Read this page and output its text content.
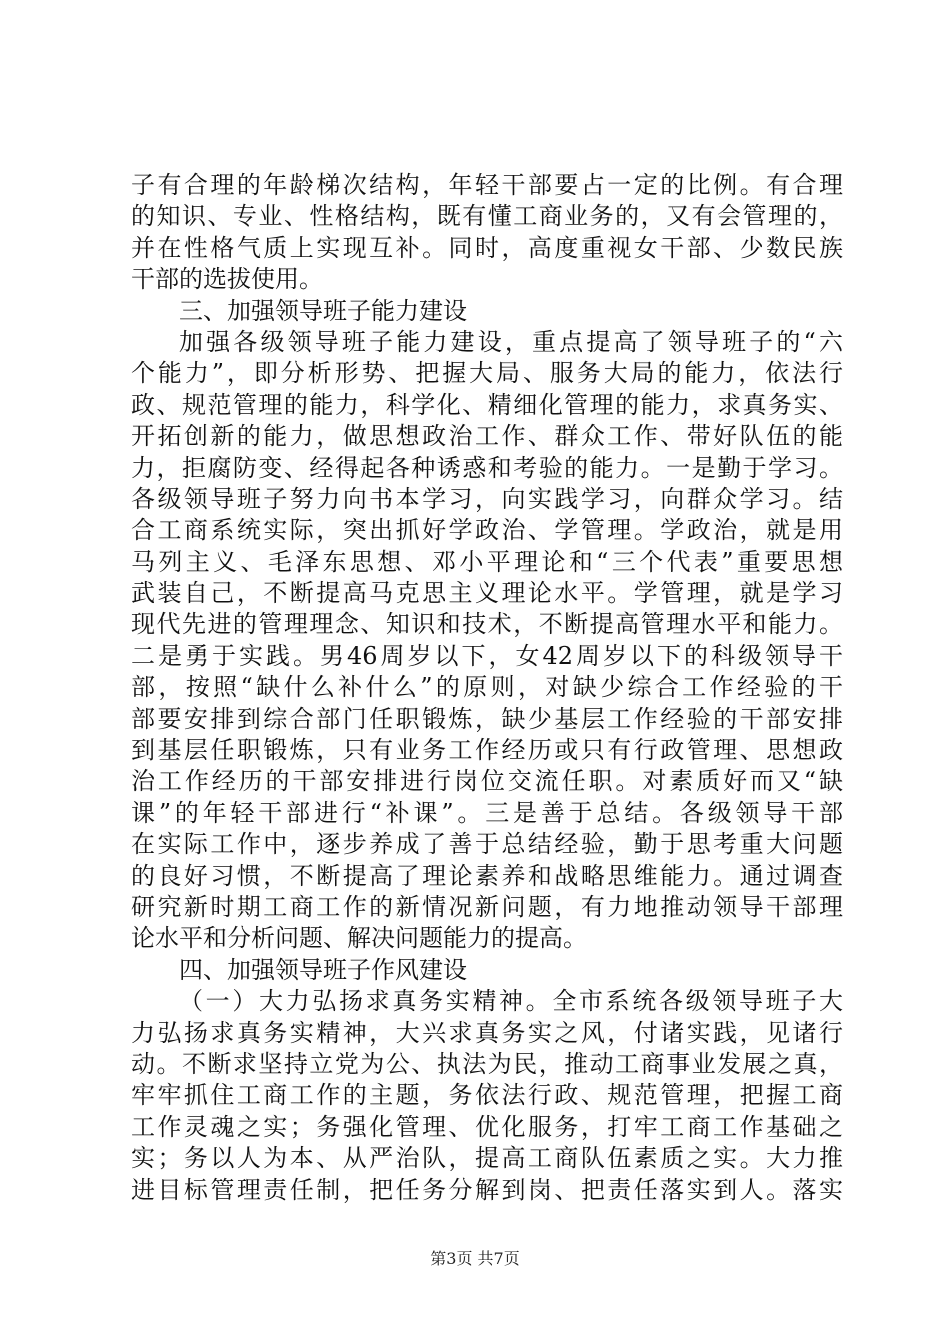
子有合理的年龄梯次结构，年轻干部要占一定的比例。有合理
的知识、专业、性格结构，既有懂工商业务的，又有会管理的，
并在性格气质上实现互补。同时，高度重视女干部、少数民族
干部的选拔使用。
三、加强领导班子能力建设
加强各级领导班子能力建设，重点提高了领导班子的“六
个能力”，即分析形势、把握大局、服务大局的能力，依法行
政、规范管理的能力，科学化、精细化管理的能力，求真务实、
开拓创新的能力，做思想政治工作、群众工作、带好队伍的能
力，拒腐防变、经得起各种诱惑和考验的能力。一是勤于学习。
各级领导班子努力向书本学习，向实践学习，向群众学习。结
合工商系统实际，突出抓好学政治、学管理。学政治，就是用
马列主义、毛泽东思想、邓小平理论和“三个代表”重要思想
武装自己，不断提高马克思主义理论水平。学管理，就是学习
现代先进的管理理念、知识和技术，不断提高管理水平和能力。
二是勇于实践。男46周岁以下，女42周岁以下的科级领导干
部，按照“缺什么补什么”的原则，对缺少综合工作经验的干
部要安排到综合部门任职锻炼，缺少基层工作经验的干部安排
到基层任职锻炼，只有业务工作经历或只有行政管理、思想政
治工作经历的干部安排进行岗位交流任职。对素质好而又“缺
课”的年轻干部进行“补课”。三是善于总结。各级领导干部
在实际工作中，逐步养成了善于总结经验，勤于思考重大问题
的良好习惯，不断提高了理论素养和战略思维能力。通过调查
研究新时期工商工作的新情况新问题，有力地推动领导干部理
论水平和分析问题、解决问题能力的提高。
四、加强领导班子作风建设
（一）大力弘扬求真务实精神。全市系统各级领导班子大
力弘扬求真务实精神，大兴求真务实之风，付诸实践，见诸行
动。不断求坚持立党为公、执法为民，推动工商事业发展之真，
牢牢抓住工商工作的主题，务依法行政、规范管理，把握工商
工作灵魂之实；务强化管理、优化服务，打牢工商工作基础之
实；务以人为本、从严治队，提高工商队伍素质之实。大力推
进目标管理责任制，把任务分解到岗、把责任落实到人。落实
第3页 共7页
